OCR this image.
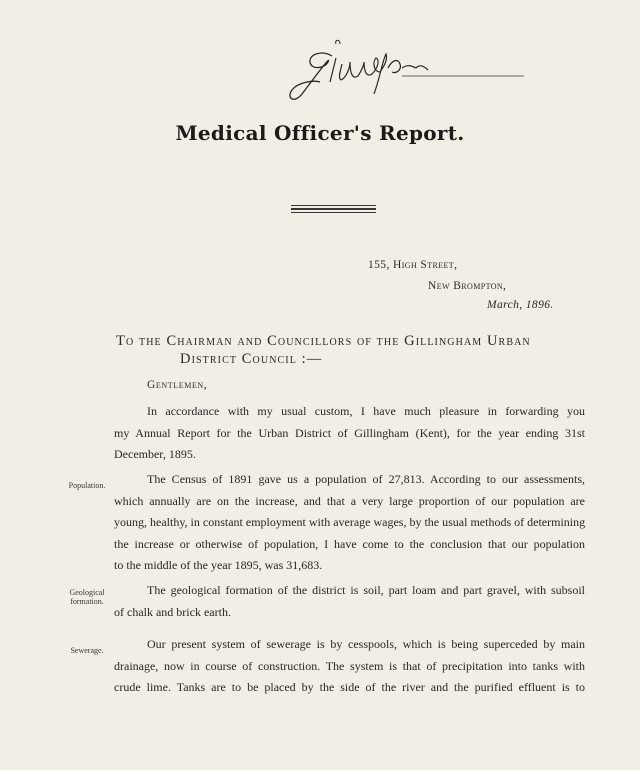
Medical Officer's Report.
155, High Street,
New Brompton,
March, 1896.
To the Chairman and Councillors of the Gillingham Urban
District Council :—
Gentlemen,
In accordance with my usual custom, I have much pleasure in forwarding you
my Annual Report for the Urban District of Gillingham (Kent), for the year ending 31st
December, 1895.
Population.	The Census of 1891 gave us a population of 27,813. According to our assessments,
which annually are on the increase, and that a very large proportion of our population are
young, healthy, in constant employment with average wages, by the usual methods of determining
the increase or otherwise of population, I have come to the conclusion that our population
to the middle of the year 1895, was 31,683.
Geological formation.
The geological formation of the district is soil, part loam and part gravel, with subsoil
of chalk and brick earth.
Sewerage.	Our present system of sewerage is by cesspools, which is being superceded by main
drainage, now in course of construction. The system is that of precipitation into tanks with
crude lime. Tanks are to be placed by the side of the river and the purified effluent is to
